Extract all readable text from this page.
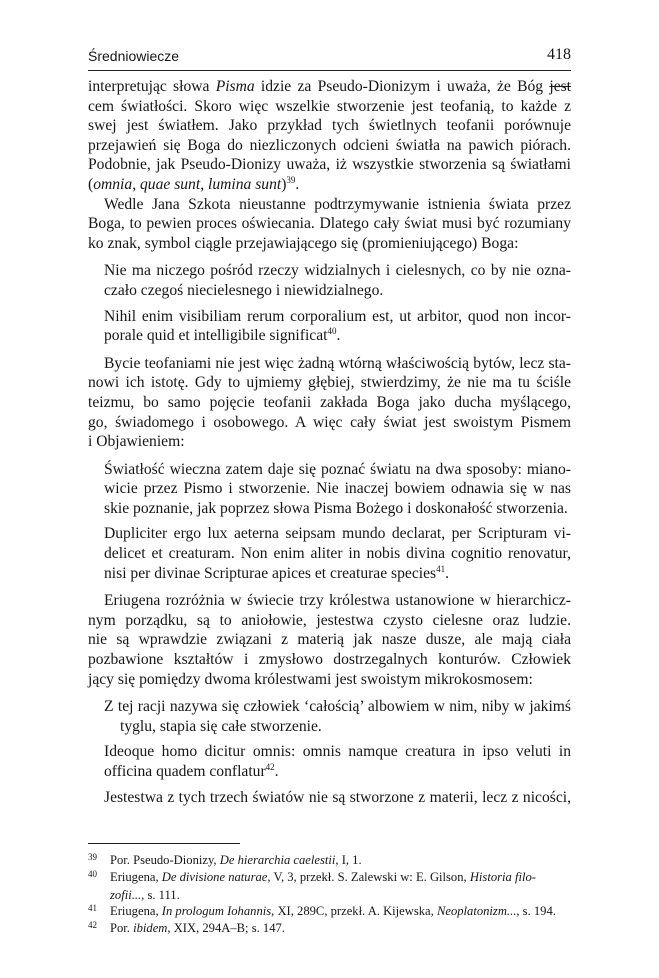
Średniowiecze	418
interpretując słowa Pisma idzie za Pseudo-Dionizym i uważa, że Bóg jest
cem światłości. Skoro więc wszelkie stworzenie jest teofanią, to każde z
swej jest światłem. Jako przykład tych świetlnych teofanii porównuje
przejawień się Boga do niezliczonych odcieni światła na pawich piórach.
Podobnie, jak Pseudo-Dionizy uważa, iż wszystkie stworzenia są światłami
(omnia, quae sunt, lumina sunt)$^{39}$.
Wedle Jana Szkota nieustanne podtrzymywanie istnienia świata przez
Boga, to pewien proces oświecania. Dlatego cały świat musi być rozumiany
ko znak, symbol ciągle przejawiającego się (promieniującego) Boga:
Nie ma niczego pośród rzeczy widzialnych i cielesnych, co by nie ozna-
czało czegoś niecielesnego i niewidzialnego.
Nihil enim visibiliam rerum corporalium est, ut arbitor, quod non incor-
porale quid et intelligibile significat$^{40}$.
Bycie teofaniami nie jest więc żadną wtórną właściwością bytów, lecz sta-
nowi ich istotę. Gdy to ujmiemy głębiej, stwierdzimy, że nie ma tu ściśle
teizmu, bo samo pojęcie teofanii zakłada Boga jako ducha myślącego,
go, świadomego i osobowego. A więc cały świat jest swoistym Pismem
i Objawieniem:
Światłość wieczna zatem daje się poznać światu na dwa sposoby: miano-
wicie przez Pismo i stworzenie. Nie inaczej bowiem odnawia się w nas
skie poznanie, jak poprzez słowa Pisma Bożego i doskonałość stworzenia.
Dupliciter ergo lux aeterna seipsam mundo declarat, per Scripturam vi-
delicet et creaturam. Non enim aliter in nobis divina cognitio renovatur,
nisi per divinae Scripturae apices et creaturae species$^{41}$.
Eriugena rozróżnia w świecie trzy królestwa ustanowione w hierarchicz-
nym porządku, są to aniołowie, jestestwa czysto cielesne oraz ludzie.
nie są wprawdzie związani z materią jak nasze dusze, ale mają ciała
pozbawione kształtów i zmysłowo dostrzegalnych konturów. Człowiek
jący się pomiędzy dwoma królestwami jest swoistym mikrokosmosem:
Z tej racji nazywa się człowiek ‘całością’ albowiem w nim, niby w jakimś
tyglu, stapia się całe stworzenie.
Ideoque homo dicitur omnis: omnis namque creatura in ipso veluti in
officina quadem conflatur$^{42}$.
Jestestwa z tych trzech światów nie są stworzone z materii, lecz z nicości,
39 Por. Pseudo-Dionizy, De hierarchia caelestii, I, 1.
40 Eriugena, De divisione naturae, V, 3, przekł. S. Zalewski w: E. Gilson, Historia filo-
zofii..., s. 111.
41 Eriugena, In prologum Iohannis, XI, 289C, przekł. A. Kijewska, Neoplatonizm..., s. 194.
42 Por. ibidem, XIX, 294A–B; s. 147.
